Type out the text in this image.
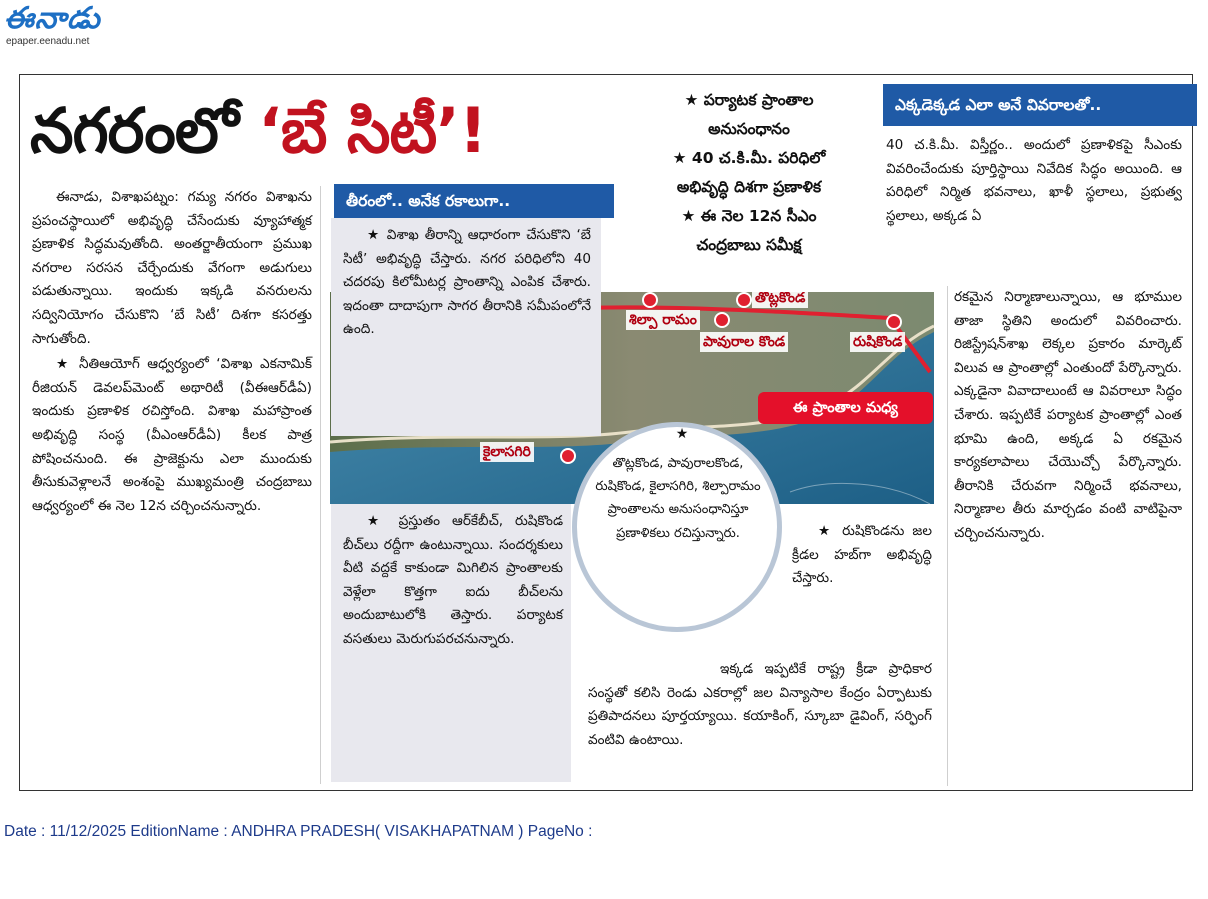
ఈనాడు
epaper.eenadu.net
నగరంలో ‘బే సిటీ’!	★ పర్యాటక ప్రాంతాల
అనుసంధానం
★ 40 చ.కి.మీ. పరిధిలో
అభివృద్ధి దిశగా ప్రణాళిక
★ ఈ నెల 12న సీఎం
చంద్రబాబు సమీక్ష
ఎక్కడెక్కడ ఎలా అనే వివరాలతో..
ఈనాడు, విశాఖపట్నం: గమ్య నగరం విశాఖను ప్రపంచస్థాయిలో అభివృద్ధి చేసేందుకు వ్యూహాత్మక ప్రణాళిక సిద్ధమవుతోంది. అంతర్జాతీయంగా ప్రముఖ నగరాల సరసన చేర్చేందుకు వేగంగా అడుగులు పడుతున్నాయి. ఇందుకు ఇక్కడి వనరులను సద్వినియోగం చేసుకొని ‘బే సిటీ’ దిశగా కసరత్తు సాగుతోంది.
★ నీతిఆయోగ్ ఆధ్వర్యంలో ‘విశాఖ ఎకనామిక్ రీజియన్ డెవలప్‌మెంట్ అథారిటీ (వీఈఆర్‌డీఏ) ఇందుకు ప్రణాళిక రచిస్తోంది. విశాఖ మహాప్రాంత అభివృద్ధి సంస్థ (వీఎంఆర్‌డీఏ) కీలక పాత్ర పోషించనుంది. ఈ ప్రాజెక్టును ఎలా ముందుకు తీసుకువెళ్లాలనే అంశంపై ముఖ్యమంత్రి చంద్రబాబు ఆధ్వర్యంలో ఈ నెల 12న చర్చించనున్నారు.
తొట్లకొండ
శిల్పా రామం
పావురాల కొండ	రుషికొండ
కైలాసగిరి
ఈ ప్రాంతాల మధ్య
★ విశాఖ తీరాన్ని ఆధారంగా చేసుకొని ‘బే సిటీ’ అభివృద్ధి చేస్తారు. నగర పరిధిలోని 40 చదరపు కిలోమీటర్ల ప్రాంతాన్ని ఎంపిక చేశారు. ఇదంతా దాదాపుగా సాగర తీరానికి సమీపంలోనే ఉంది.
తీరంలో.. అనేక రకాలుగా..
★
తొట్లకొండ, పావురాలకొండ, రుషికొండ, కైలాసగిరి, శిల్పారామం ప్రాంతాలను అనుసంధానిస్తూ ప్రణాళికలు రచిస్తున్నారు.
★ ప్రస్తుతం ఆర్‌కేబీచ్, రుషికొండ బీచ్‌లు రద్దీగా ఉంటున్నాయి. సందర్శకులు వీటి వద్దకే కాకుండా మిగిలిన ప్రాంతాలకు వెళ్లేలా కొత్తగా ఐదు బీచ్‌లను అందుబాటులోకి తెస్తారు. పర్యాటక వసతులు మెరుగుపరచనున్నారు.
★ రుషికొండను జల క్రీడల హబ్‌గా అభివృద్ధి చేస్తారు.
ఇక్కడ ఇప్పటికే రాష్ట్ర క్రీడా ప్రాధికార సంస్థతో కలిసి రెండు ఎకరాల్లో జల విన్యాసాల కేంద్రం ఏర్పాటుకు ప్రతిపాదనలు పూర్తయ్యాయి. కయాకింగ్, స్కూబా డైవింగ్, సర్ఫింగ్ వంటివి ఉంటాయి.
40 చ.కి.మీ. విస్తీర్ణం.. అందులో ప్రణాళికపై సీఎంకు వివరించేందుకు పూర్తిస్థాయి నివేదిక సిద్ధం అయింది. ఆ పరిధిలో నిర్మిత భవనాలు, ఖాళీ స్థలాలు, ప్రభుత్వ స్థలాలు, అక్కడ ఏ
రకమైన నిర్మాణాలున్నాయి, ఆ భూముల తాజా స్థితిని అందులో వివరించారు. రిజిస్ట్రేషన్‌శాఖ లెక్కల ప్రకారం మార్కెట్ విలువ ఆ ప్రాంతాల్లో ఎంతుందో పేర్కొన్నారు. ఎక్కడైనా వివాదాలుంటే ఆ వివరాలూ సిద్ధం చేశారు. ఇప్పటికే పర్యాటక ప్రాంతాల్లో ఎంత భూమి ఉంది, అక్కడ ఏ రకమైన కార్యకలాపాలు చేయొచ్చో పేర్కొన్నారు. తీరానికి చేరువగా నిర్మించే భవనాలు, నిర్మాణాల తీరు మార్చడం వంటి వాటిపైనా చర్చించనున్నారు.
Date : 11/12/2025 EditionName : ANDHRA PRADESH( VISAKHAPATNAM ) PageNo :
